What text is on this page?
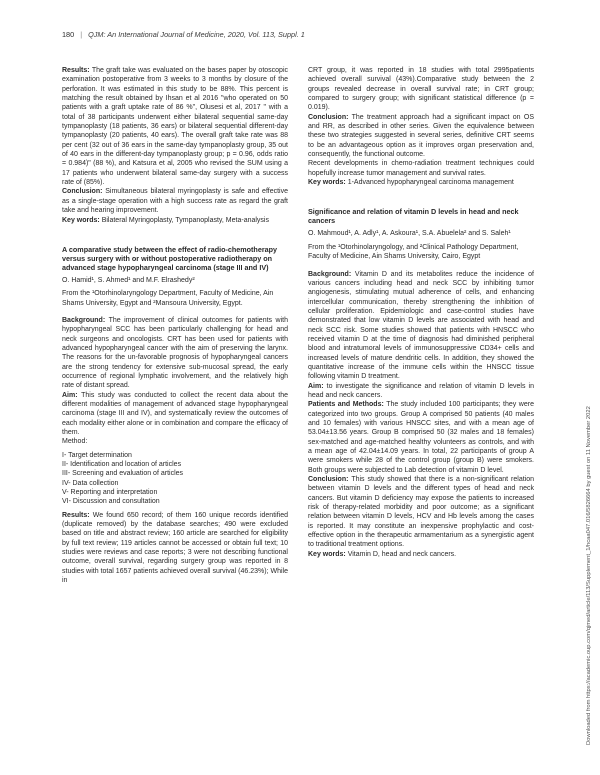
180 | QJM: An International Journal of Medicine, 2020, Vol. 113, Suppl. 1

Results: The graft take was evaluated on the bases paper by otoscopic examination postoperative from 3 weeks to 3 months by closure of the perforation. It was estimated in this study to be 88%. This percent is matching the result obtained by Ihsan et al 2016 "who operated on 50 patients with a graft uptake rate of 86 %", Olusesi et al, 2017 " with a total of 38 participants underwent either bilateral sequential same-day tympanoplasty (18 patients, 36 ears) or bilateral sequential different-day tympanoplasty (20 patients, 40 ears). The overall graft take rate was 88 per cent (32 out of 36 ears in the same-day tympanoplasty group, 35 out of 40 ears in the different-day tympanoplasty group; p = 0.96, odds ratio = 0.984)" (88 %), and Katsura et al, 2005 who revised the SUM using a 17 patients who underwent bilateral same-day surgery with a success rate of (85%).

Conclusion: Simultaneous bilateral myringoplasty is safe and effective as a single-stage operation with a high success rate as regard the graft take and hearing improvement.

Key words: Bilateral Myringoplasty, Tympanoplasty, Meta-analysis

A comparative study between the effect of radio-chemotherapy versus surgery with or without postoperative radiotherapy on advanced stage hypopharyngeal carcinoma (stage III and IV)

O. Hamid¹, S. Ahmed¹ and M.F. Elrashedy²

From the ¹Otorhinolaryngology Department, Faculty of Medicine, Ain Shams University, Egypt and ²Mansoura University, Egypt.

Background: The improvement of clinical outcomes for patients with hypopharyngeal SCC has been particularly challenging for head and neck surgeons and oncologists. CRT has been used for patients with advanced hypopharyngeal cancer with the aim of preserving the larynx. The reasons for the un-favorable prognosis of hypopharyngeal cancers are the strong tendency for extensive sub-mucosal spread, the early occurrence of regional lymphatic involvement, and the relatively high rate of distant spread.

Aim: This study was conducted to collect the recent data about the different modalities of management of advanced stage hypopharyngeal carcinoma (stage III and IV), and systematically review the outcomes of each modality either alone or in combination and compare the efficacy of them.

Method:

I- Target determination
II- Identification and location of articles
III- Screening and evaluation of articles
IV- Data collection
V- Reporting and interpretation
VI- Discussion and consultation

Results: We found 650 record; of them 160 unique records identified (duplicate removed) by the database searches; 490 were excluded based on title and abstract review; 160 article are searched for eligibility by full text review; 119 articles cannot be accessed or obtain full text; 10 studies were reviews and case reports; 3 were not describing functional outcome, overall survival, regarding surgery group was reported in 8 studies with total 1657 patients achieved overall survival (46.23%); While in

CRT group, it was reported in 18 studies with total 2995patients achieved overall survival (43%).Comparative study between the 2 groups revealed decrease in overall survival rate; in CRT group; compared to surgery group; with significant statistical difference (p = 0.019).

Conclusion: The treatment approach had a significant impact on OS and RR, as described in other series. Given the equivalence between these two strategies suggested in several series, definitive CRT seems to be an advantageous option as it improves organ preservation and, consequently, the functional outcome.

Recent developments in chemo-radiation treatment techniques could hopefully increase tumor management and survival rates.

Key words: 1-Advanced hypopharyngeal carcinoma management

Significance and relation of vitamin D levels in head and neck cancers

O. Mahmoud¹, A. Adly¹, A. Askoura¹, S.A. Abuelela² and S. Saleh¹

From the ¹Otorhinolaryngology, and ²Clinical Pathology Department, Faculty of Medicine, Ain Shams University, Cairo, Egypt

Background: Vitamin D and its metabolites reduce the incidence of various cancers including head and neck SCC by inhibiting tumor angiogenesis, stimulating mutual adherence of cells, and enhancing intercellular communication, thereby strengthening the inhibition of cellular proliferation. Epidemiologic and case-control studies have demonstrated that low vitamin D levels are associated with head and neck SCC risk. Some studies showed that patients with HNSCC who received vitamin D at the time of diagnosis had diminished peripheral blood and intratumoral levels of immunosuppressive CD34+ cells and increased levels of mature dendritic cells. In addition, they showed the quantitative increase of the immune cells within the HNSCC tissue following vitamin D treatment.

Aim: to investigate the significance and relation of vitamin D levels in head and neck cancers.

Patients and Methods: The study included 100 participants; they were categorized into two groups. Group A comprised 50 patients (40 males and 10 females) with various HNSCC sites, and with a mean age of 53.04±13.56 years. Group B comprised 50 (32 males and 18 females) sex-matched and age-matched healthy volunteers as controls, and with a mean age of 42.04±14.09 years. In total, 22 participants of group A were smokers while 28 of the control group (group B) were smokers. Both groups were subjected to Lab detection of vitamin D level.

Conclusion: This study showed that there is a non-significant relation between vitamin D levels and the different types of head and neck cancers. But vitamin D deficiency may expose the patients to increased risk of therapy-related morbidity and poor outcome; as a significant relation between vitamin D levels, HCV and Hb levels among the cases is reported. It may constitute an inexpensive prophylactic and cost-effective option in the therapeutic armamentarium as a synergistic agent to traditional treatment options.

Key words: Vitamin D, head and neck cancers.	Downloaded from https://academic.oup.com/qjmed/article/113/Supplement_1/hcaa047.016/5826664 by guest on 11 November 2022
